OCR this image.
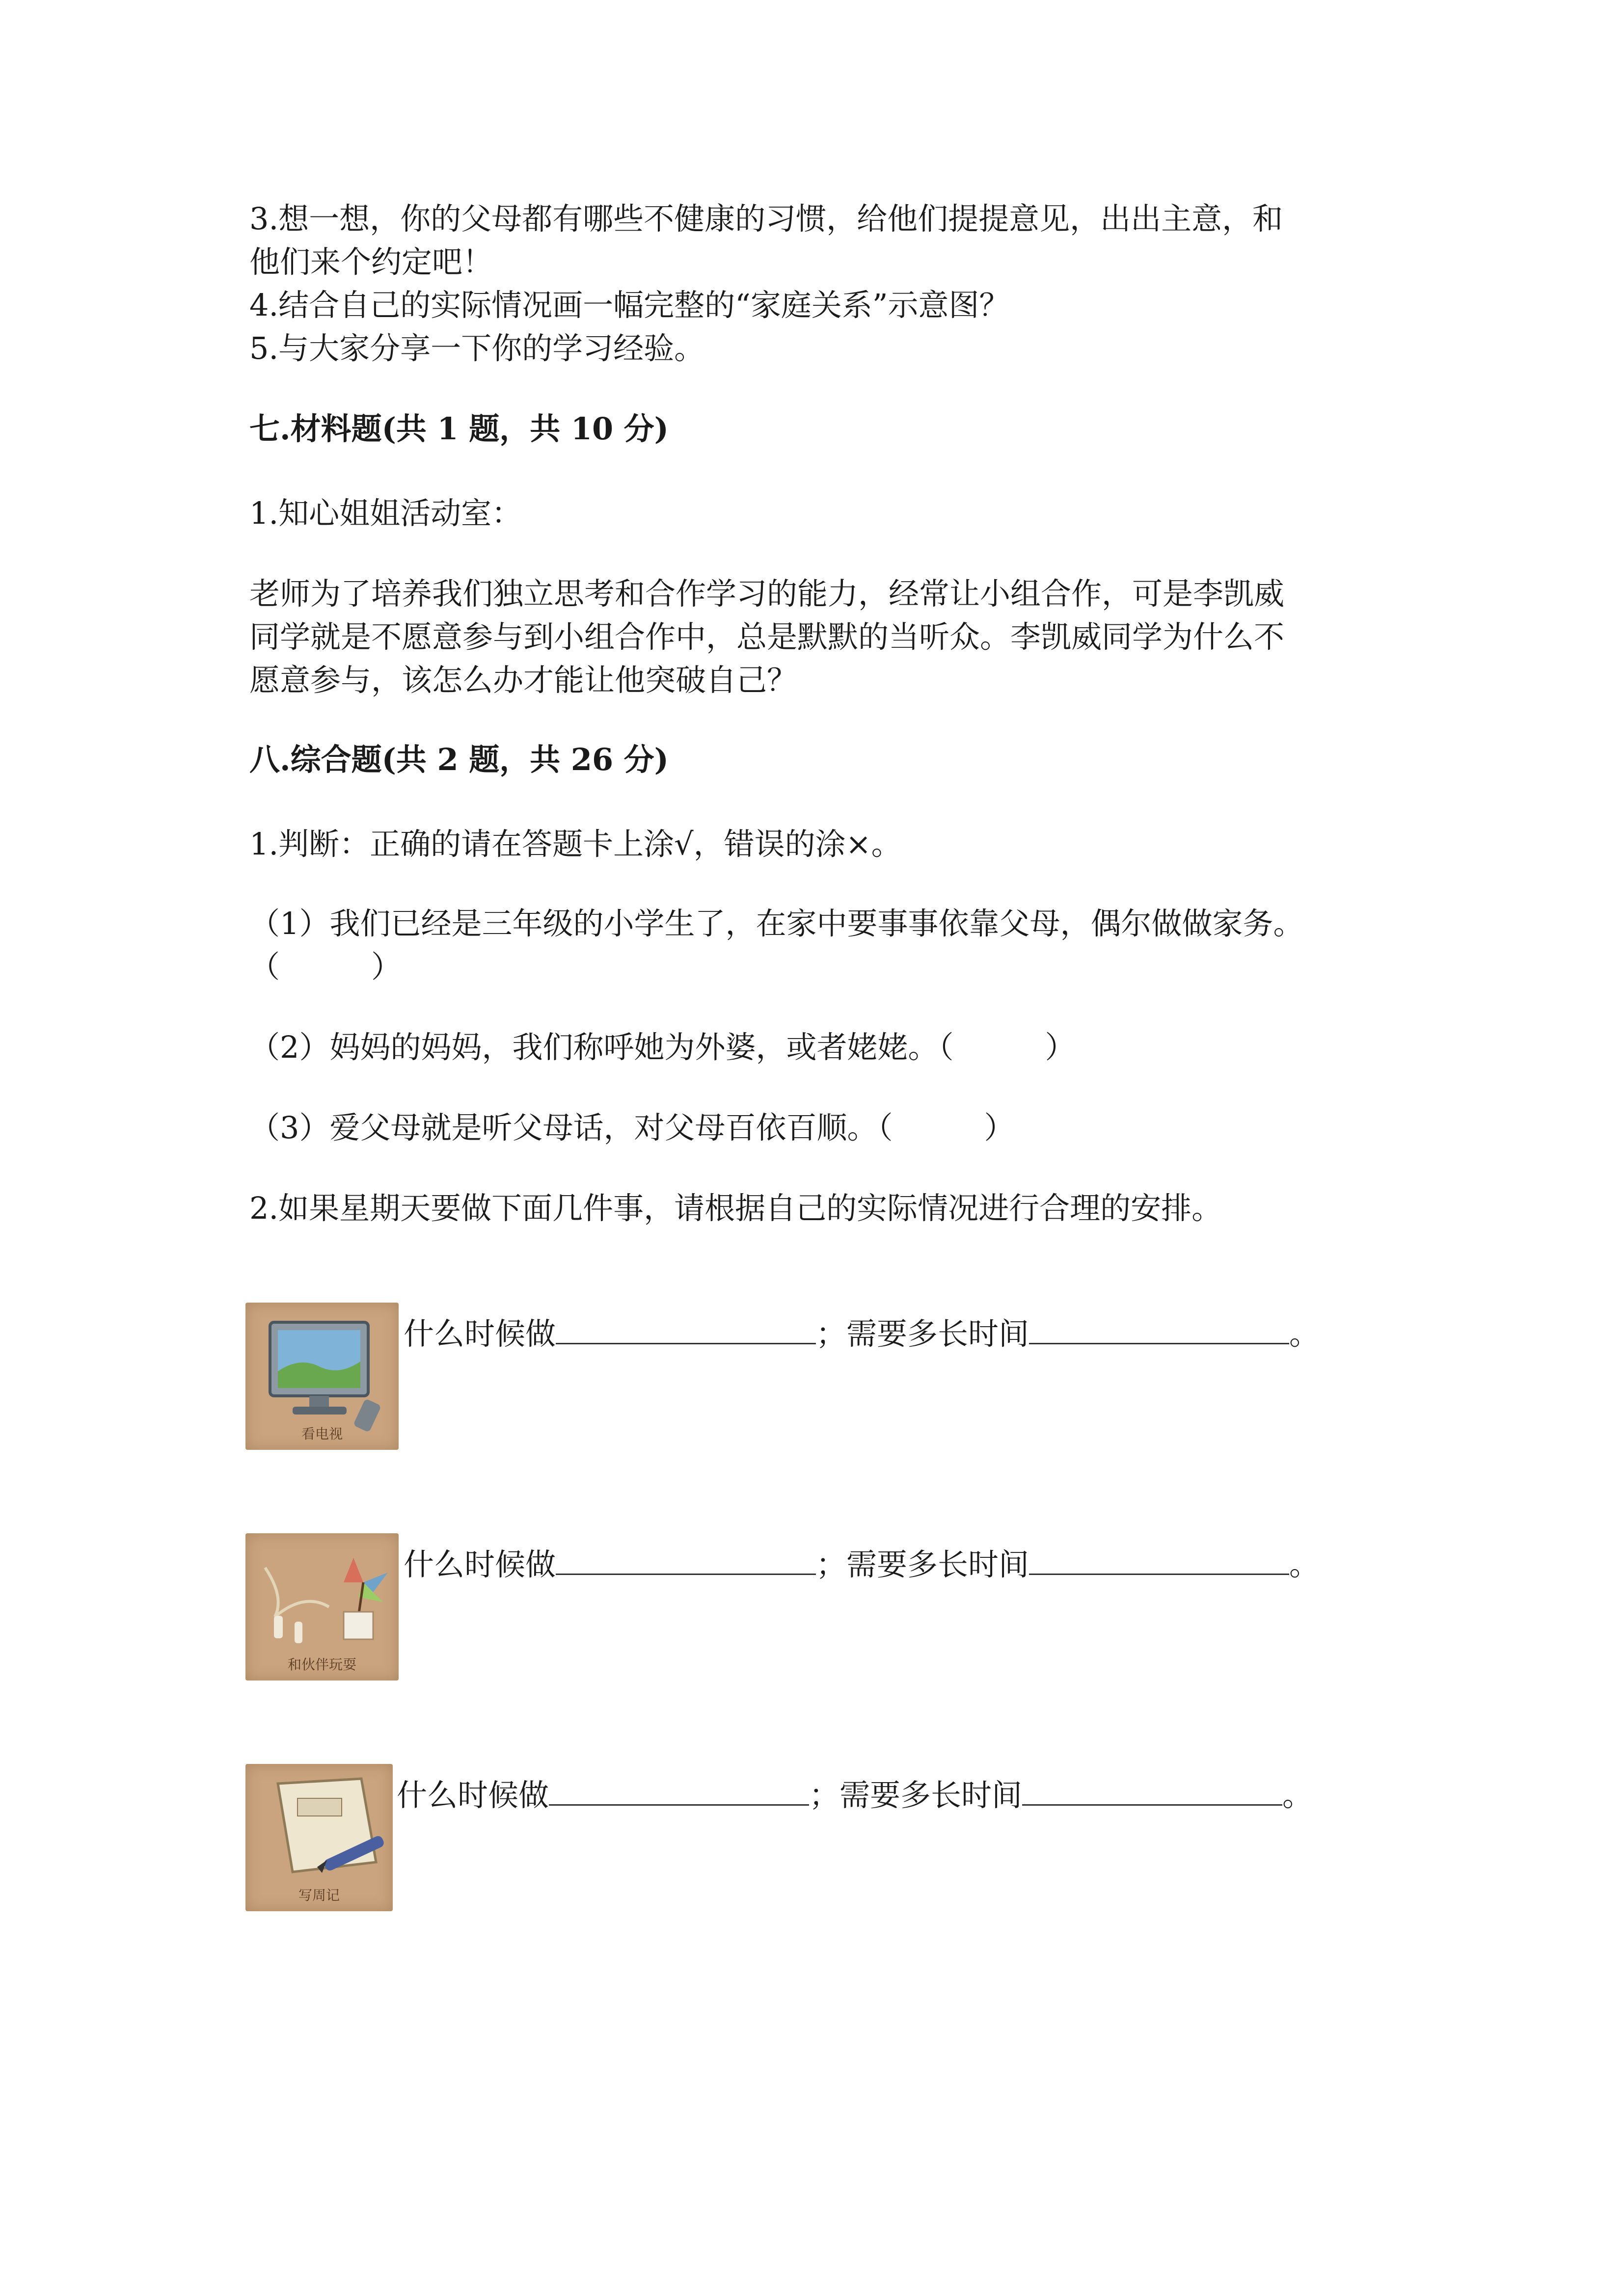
3.想一想，你的父母都有哪些不健康的习惯，给他们提提意见，出出主意，和
他们来个约定吧！
4.结合自己的实际情况画一幅完整的“家庭关系”示意图？
5.与大家分享一下你的学习经验。
七.材料题(共 1 题，共 10 分)
1.知心姐姐活动室：

老师为了培养我们独立思考和合作学习的能力，经常让小组合作，可是李凯威

同学就是不愿意参与到小组合作中，总是默默的当听众。李凯威同学为什么不

愿意参与，该怎么办才能让他突破自己？

八.综合题(共 2 题，共 26 分)
1.判断：正确的请在答题卡上涂√，错误的涂×。
（1）我们已经是三年级的小学生了，在家中要事事依靠父母，偶尔做做家务。
（　　　）
（2）妈妈的妈妈，我们称呼她为外婆，或者姥姥。（　　　）
（3）爱父母就是听父母话，对父母百依百顺。（　　　）
2.如果星期天要做下面几件事，请根据自己的实际情况进行合理的安排。
看电视
什么时候做	；需要多长时间	。
和伙伴玩耍
什么时候做	；需要多长时间	。
写周记
什么时候做	；需要多长时间	。
